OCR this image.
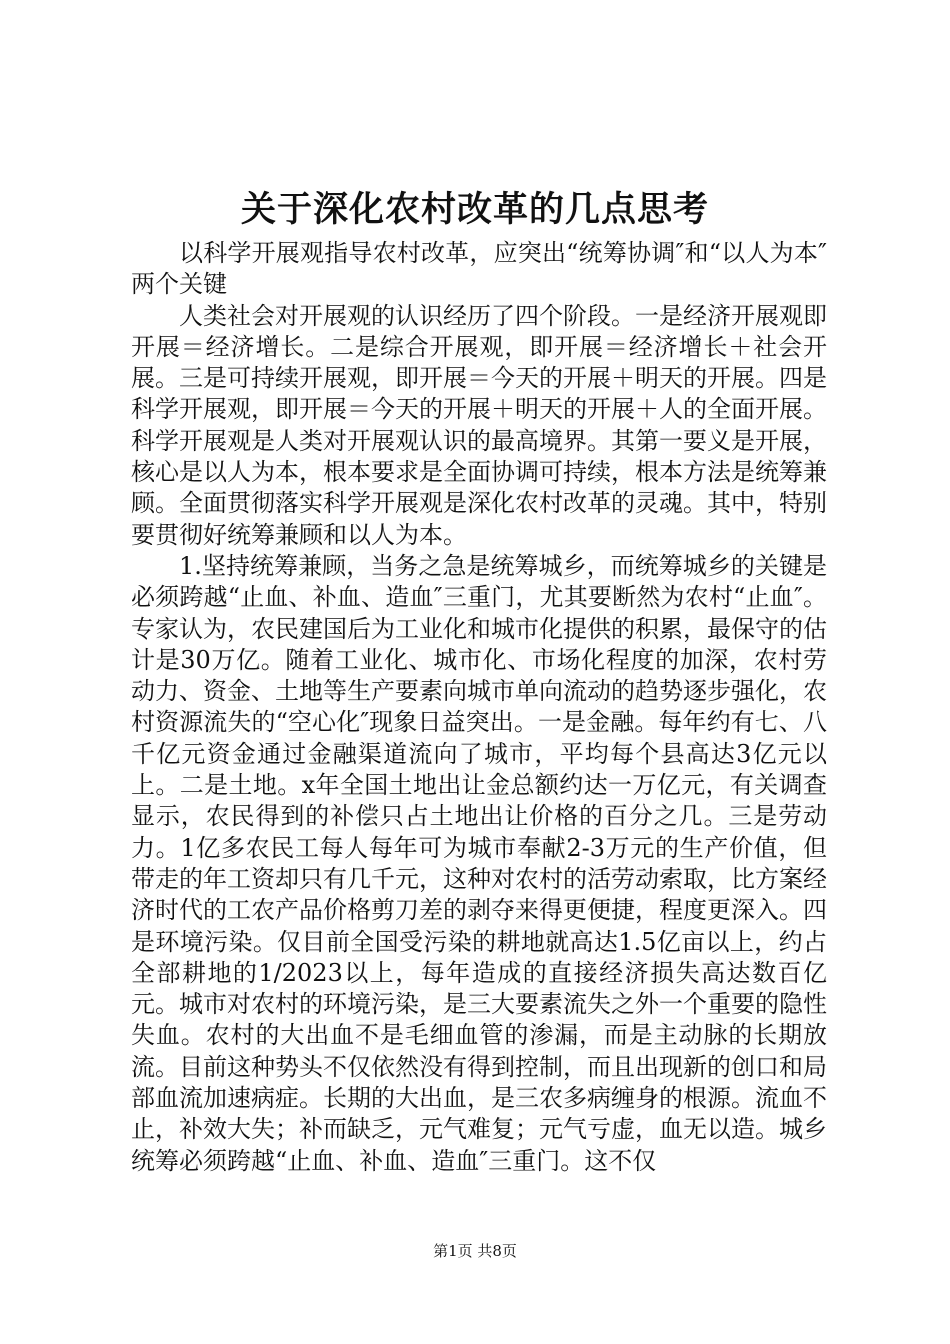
关于深化农村改革的几点思考

以科学开展观指导农村改革，应突出“统筹协调″和“以人为本″两个关键

人类社会对开展观的认识经历了四个阶段。一是经济开展观即开展＝经济增长。二是综合开展观，即开展＝经济增长＋社会开展。三是可持续开展观，即开展＝今天的开展＋明天的开展。四是科学开展观，即开展＝今天的开展＋明天的开展＋人的全面开展。科学开展观是人类对开展观认识的最高境界。其第一要义是开展，核心是以人为本，根本要求是全面协调可持续，根本方法是统筹兼顾。全面贯彻落实科学开展观是深化农村改革的灵魂。其中，特别要贯彻好统筹兼顾和以人为本。

1.坚持统筹兼顾，当务之急是统筹城乡，而统筹城乡的关键是必须跨越“止血、补血、造血″三重门，尤其要断然为农村“止血″。专家认为，农民建国后为工业化和城市化提供的积累，最保守的估计是30万亿。随着工业化、城市化、市场化程度的加深，农村劳动力、资金、土地等生产要素向城市单向流动的趋势逐步强化，农村资源流失的“空心化″现象日益突出。一是金融。每年约有七、八千亿元资金通过金融渠道流向了城市，平均每个县高达3亿元以上。二是土地。x年全国土地出让金总额约达一万亿元，有关调查显示，农民得到的补偿只占土地出让价格的百分之几。三是劳动力。1亿多农民工每人每年可为城市奉献2-3万元的生产价值，但带走的年工资却只有几千元，这种对农村的活劳动索取，比方案经济时代的工农产品价格剪刀差的剥夺来得更便捷，程度更深入。四是环境污染。仅目前全国受污染的耕地就高达1.5亿亩以上，约占全部耕地的1/2023以上，每年造成的直接经济损失高达数百亿元。城市对农村的环境污染，是三大要素流失之外一个重要的隐性失血。农村的大出血不是毛细血管的渗漏，而是主动脉的长期放流。目前这种势头不仅依然没有得到控制，而且出现新的创口和局部血流加速病症。长期的大出血，是三农多病缠身的根源。流血不止，补效大失；补而缺乏，元气难复；元气亏虚，血无以造。城乡统筹必须跨越“止血、补血、造血″三重门。这不仅

第1页 共8页
